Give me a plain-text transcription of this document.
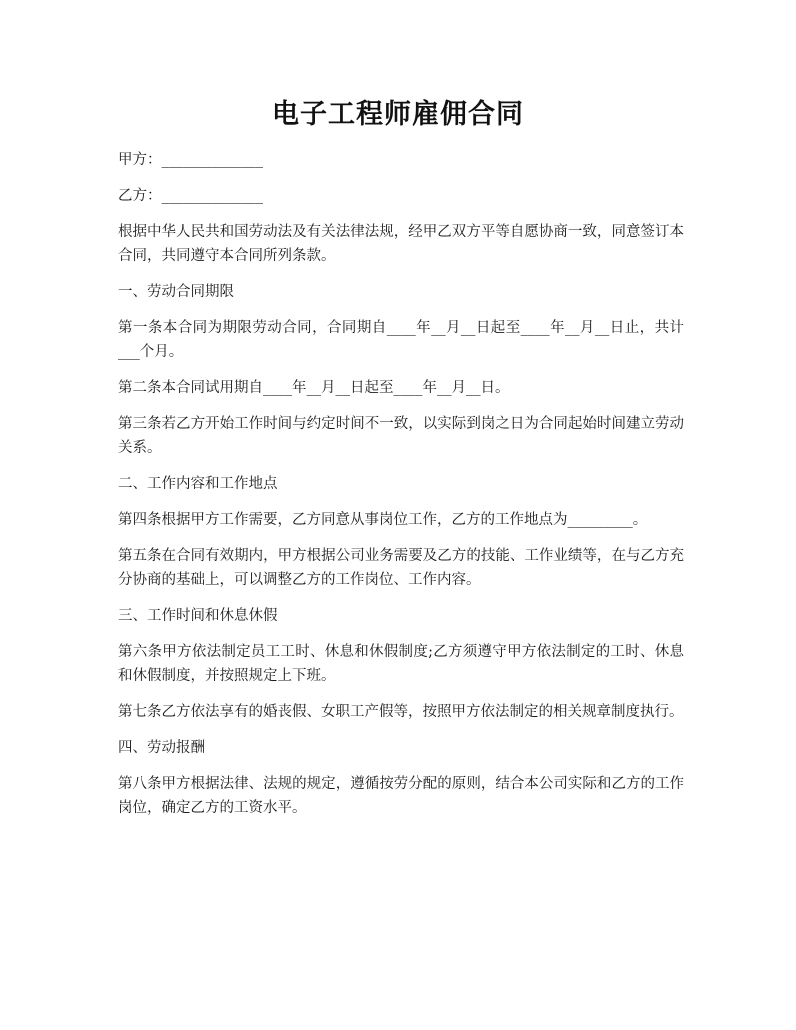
电子工程师雇佣合同

甲方：______________

乙方：______________

根据中华人民共和国劳动法及有关法律法规，经甲乙双方平等自愿协商一致，同意签订本合同，共同遵守本合同所列条款。

一、劳动合同期限

第一条本合同为期限劳动合同，合同期自____年__月__日起至____年__月__日止，共计___个月。

第二条本合同试用期自____年__月__日起至____年__月__日。

第三条若乙方开始工作时间与约定时间不一致，以实际到岗之日为合同起始时间建立劳动关系。

二、工作内容和工作地点

第四条根据甲方工作需要，乙方同意从事岗位工作，乙方的工作地点为_________。

第五条在合同有效期内，甲方根据公司业务需要及乙方的技能、工作业绩等，在与乙方充分协商的基础上，可以调整乙方的工作岗位、工作内容。

三、工作时间和休息休假

第六条甲方依法制定员工工时、休息和休假制度;乙方须遵守甲方依法制定的工时、休息和休假制度，并按照规定上下班。

第七条乙方依法享有的婚丧假、女职工产假等，按照甲方依法制定的相关规章制度执行。

四、劳动报酬

第八条甲方根据法律、法规的规定，遵循按劳分配的原则，结合本公司实际和乙方的工作岗位，确定乙方的工资水平。
